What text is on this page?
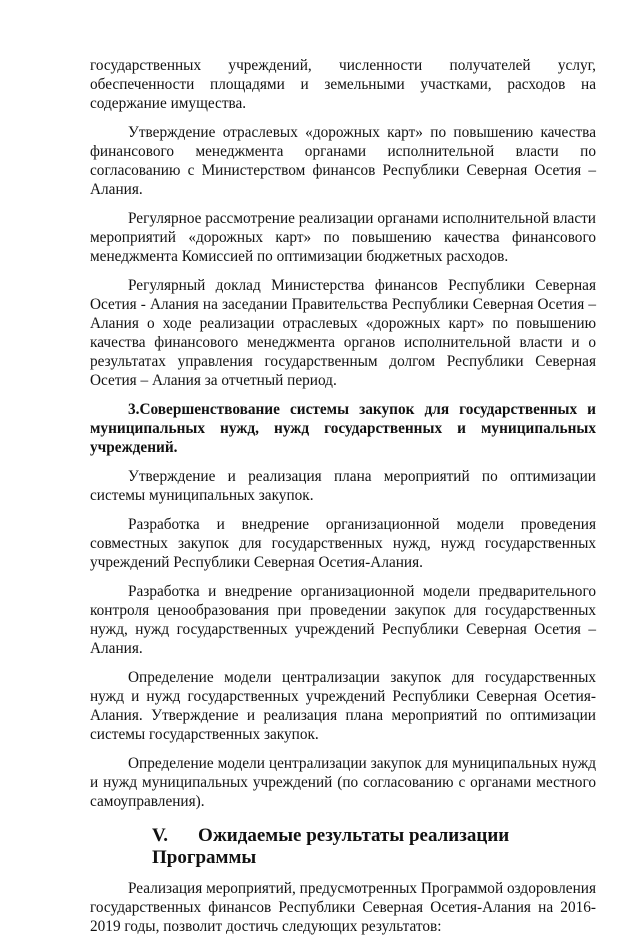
государственных учреждений, численности получателей услуг, обеспеченности площадями и земельными участками, расходов на содержание имущества.

Утверждение отраслевых «дорожных карт» по повышению качества финансового менеджмента органами исполнительной власти по согласованию с Министерством финансов Республики Северная Осетия – Алания.

Регулярное рассмотрение реализации органами исполнительной власти мероприятий «дорожных карт» по повышению качества финансового менеджмента Комиссией по оптимизации бюджетных расходов.

Регулярный доклад Министерства финансов Республики Северная Осетия - Алания на заседании Правительства Республики Северная Осетия – Алания о ходе реализации отраслевых «дорожных карт» по повышению качества финансового менеджмента органов исполнительной власти и о результатах управления государственным долгом Республики Северная Осетия – Алания за отчетный период.

3.Совершенствование системы закупок для государственных и муниципальных нужд, нужд государственных и муниципальных учреждений.

Утверждение и реализация плана мероприятий по оптимизации системы муниципальных закупок.

Разработка и внедрение организационной модели проведения совместных закупок для государственных нужд, нужд государственных учреждений Республики Северная Осетия-Алания.

Разработка и внедрение организационной модели предварительного контроля ценообразования при проведении закупок для государственных нужд, нужд государственных учреждений Республики Северная Осетия – Алания.

Определение модели централизации закупок для государственных нужд и нужд государственных учреждений Республики Северная Осетия-Алания. Утверждение и реализация плана мероприятий по оптимизации системы государственных закупок.

Определение модели централизации закупок для муниципальных нужд и нужд муниципальных учреждений (по согласованию с органами местного самоуправления).

V. Ожидаемые результаты реализации Программы

Реализация мероприятий, предусмотренных Программой оздоровления государственных финансов Республики Северная Осетия-Алания на 2016-2019 годы, позволит достичь следующих результатов:
